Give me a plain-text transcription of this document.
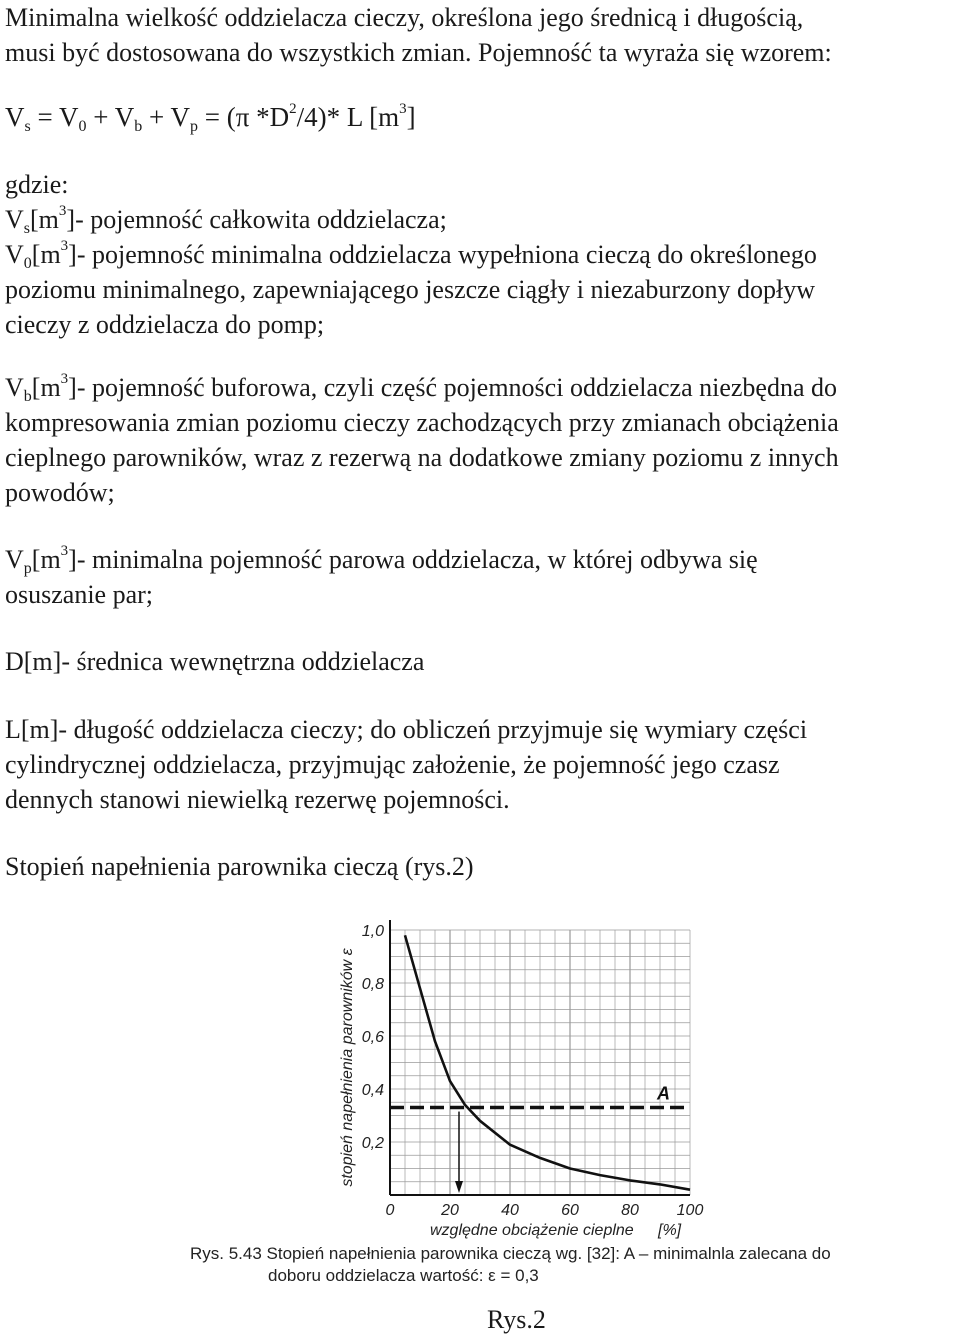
Minimalna wielkość oddzielacza cieczy, określona jego średnicą i długością,
musi być dostosowana do wszystkich zmian. Pojemność ta wyraża się wzorem:

$V_s = V_0 + V_b + V_p = (\pi$ $*D^2/4)*$ L $[m^3]$

gdzie:
$V_s[m^3]-$ pojemność całkowita oddzielacza;
$V_0[m^3]-$ pojemność minimalna oddzielacza wypełniona cieczą do określonego
poziomu minimalnego, zapewniającego jeszcze ciągły i niezaburzony dopływ
cieczy z oddzielacza do pomp;

$V_b[m^3]-$ pojemność buforowa, czyli część pojemności oddzielacza niezbędna do
kompresowania zmian poziomu cieczy zachodzących przy zmianach obciążenia
cieplnego parowników, wraz z rezerwą na dodatkowe zmiany poziomu z innych
powodów;

$V_p[m^3]-$ minimalna pojemność parowa oddzielacza, w której odbywa się
osuszanie par;

D[m]- średnica wewnętrzna oddzielacza

L[m]- długość oddzielacza cieczy; do obliczeń przyjmuje się wymiary części
cylindrycznej oddzielacza, przyjmując założenie, że pojemność jego czasz
dennych stanowi niewielką rezerwę pojemności.

Stopień napełnienia parownika cieczą (rys.2)

0	20	40	60	80 100
0,2
0,4
0,6
0,8
1,0
A
stopień napełnienia parowników ε
względne obciążenie cieplne [%]
Rys. 5.43 Stopień napełnienia parownika cieczą wg. [32]: A – minimalnla zalecana do
doboru oddzielacza wartość: ε = 0,3
Rys.2
